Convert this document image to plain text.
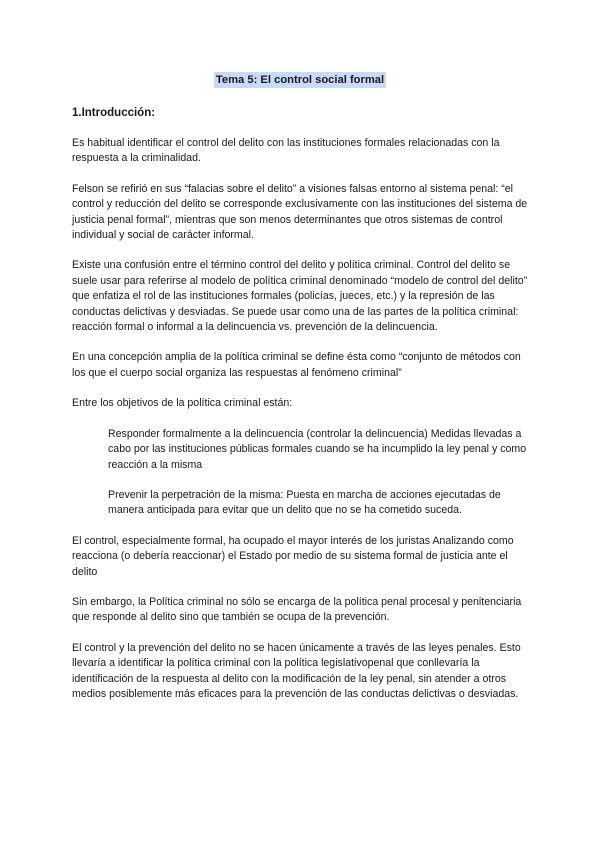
Tema 5: El control social formal

1.Introducción:

Es habitual identificar el control del delito con las instituciones formales relacionadas con la respuesta a la criminalidad.

Felson se refirió en sus “falacias sobre el delito” a visiones falsas entorno al sistema penal: “el control y reducción del delito se corresponde exclusivamente con las instituciones del sistema de justicia penal formal”, mientras que son menos determinantes que otros sistemas de control individual y social de carácter informal.

Existe una confusión entre el término control del delito y política criminal. Control del delito se suele usar para referirse al modelo de política criminal denominado “modelo de control del delito” que enfatiza el rol de las instituciones formales (policías, jueces, etc.) y la represión de las conductas delictivas y desviadas. Se puede usar como una de las partes de la política criminal: reacción formal o informal a la delincuencia vs. prevención de la delincuencia.

En una concepción amplia de la política criminal se define ésta como “conjunto de métodos con los que el cuerpo social organiza las respuestas al fenómeno criminal”

Entre los objetivos de la política criminal están:

Responder formalmente a la delincuencia (controlar la delincuencia) Medidas llevadas a cabo por las instituciones públicas formales cuando se ha incumplido la ley penal y como reacción a la misma

Prevenir la perpetración de la misma: Puesta en marcha de acciones ejecutadas de manera anticipada para evitar que un delito que no se ha cometido suceda.

El control, especialmente formal, ha ocupado el mayor interés de los juristas Analizando como reacciona (o debería reaccionar) el Estado por medio de su sistema formal de justicia ante el delito

Sin embargo, la Política criminal no sólo se encarga de la política penal procesal y penitenciaria que responde al delito sino que también se ocupa de la prevención.

El control y la prevención del delito no se hacen únicamente a través de las leyes penales. Esto llevaría a identificar la política criminal con la política legislativopenal que conllevaría la identificación de la respuesta al delito con la modificación de la ley penal, sin atender a otros medios posiblemente más eficaces para la prevención de las conductas delictivas o desviadas.
